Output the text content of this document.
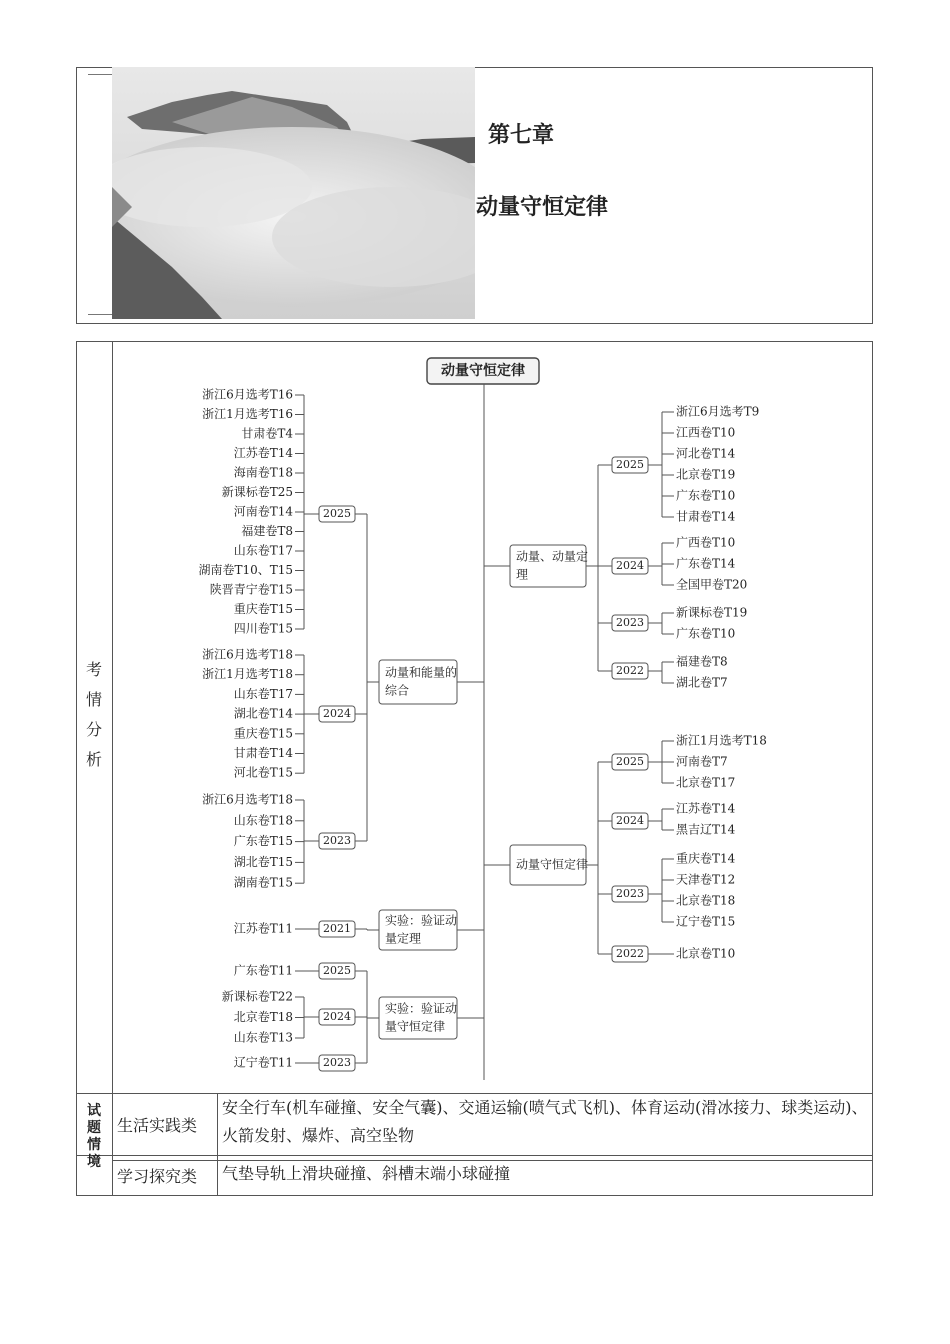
第七章
动量守恒定律
考
情
分
析
动量守恒定律
动量和能量的
综合
2025
浙江6月选考T16
浙江1月选考T16
甘肃卷T4
江苏卷T14
海南卷T18
新课标卷T25
河南卷T14
福建卷T8
山东卷T17
湖南卷T10、T15
陕晋青宁卷T15
重庆卷T15
四川卷T15
2024
浙江6月选考T18
浙江1月选考T18
山东卷T17
湖北卷T14
重庆卷T15
甘肃卷T14
河北卷T15
2023
浙江6月选考T18
山东卷T18
广东卷T15
湖北卷T15
湖南卷T15
实验：验证动
量定理
2021
江苏卷T11
实验：验证动
量守恒定律
2025
广东卷T11
2024
新课标卷T22
北京卷T18
山东卷T13
2023
辽宁卷T11
动量、动量定
理
2025
浙江6月选考T9
江西卷T10
河北卷T14
北京卷T19
广东卷T10
甘肃卷T14
2024
广西卷T10
广东卷T14
全国甲卷T20
2023
新课标卷T19
广东卷T10
2022
福建卷T8
湖北卷T7
动量守恒定律
2025
浙江1月选考T18
河南卷T7
北京卷T17
2024
江苏卷T14
黑吉辽T14
2023
重庆卷T14
天津卷T12
北京卷T18
辽宁卷T15
2022	北京卷T10
试
题
情
境
生活实践类
安全行车(机车碰撞、安全气囊)、交通运输(喷气式飞机)、体育运动(滑冰接力、球类运动)、火箭发射、爆炸、高空坠物
学习探究类 气垫导轨上滑块碰撞、斜槽末端小球碰撞
